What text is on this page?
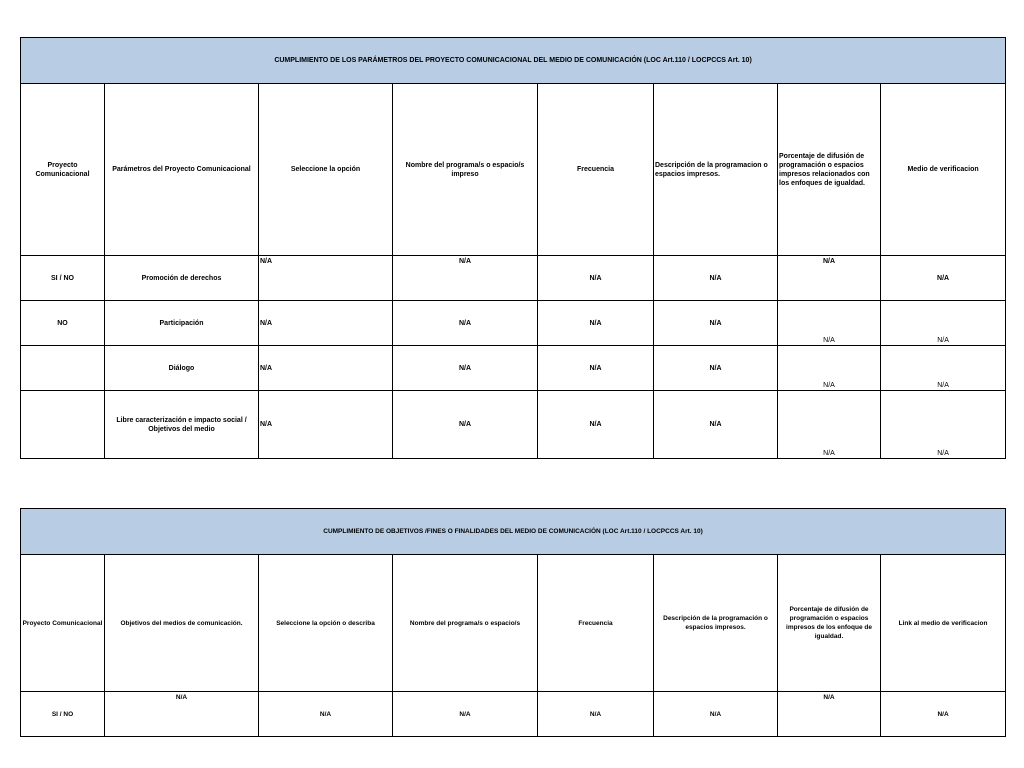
CUMPLIMIENTO DE LOS PARÁMETROS DEL PROYECTO COMUNICACIONAL DEL MEDIO DE COMUNICACIÓN (LOC Art.110 / LOCPCCS Art. 10)							
Proyecto Comunicacional	Parámetros del Proyecto Comunicacional	Seleccione la opción	Nombre del programa/s o espacio/s impreso	Frecuencia	Descripción de la programacion o espacios impresos.	Porcentaje de difusión de programación o espacios impresos relacionados con los enfoques de igualdad.	Medio de verificacion
SI / NO	Promoción de derechos	N/A	N/A	N/A	N/A	N/A	N/A
NO	Participación	N/A	N/A	N/A	N/A	N/A	N/A

	Diálogo	N/A	N/A	N/A	N/A	N/A	N/A

	Libre caracterización e impacto social / Objetivos del medio	N/A	N/A	N/A	N/A	N/A	N/A
CUMPLIMIENTO DE OBJETIVOS /FINES O FINALIDADES DEL MEDIO DE COMUNICACIÓN (LOC Art.110 / LOCPCCS Art. 10)							
Proyecto Comunicacional	Objetivos del medios de comunicación.	Seleccione la opción o describa	Nombre del programa/s o espacio/s	Frecuencia	Descripción de la programación o espacios impresos.	Porcentaje de difusión de programación o espacios impresos de los enfoque de igualdad.	Link al medio de verificacion
SI / NO	N/A	N/A	N/A	N/A	N/A	N/A	N/A
